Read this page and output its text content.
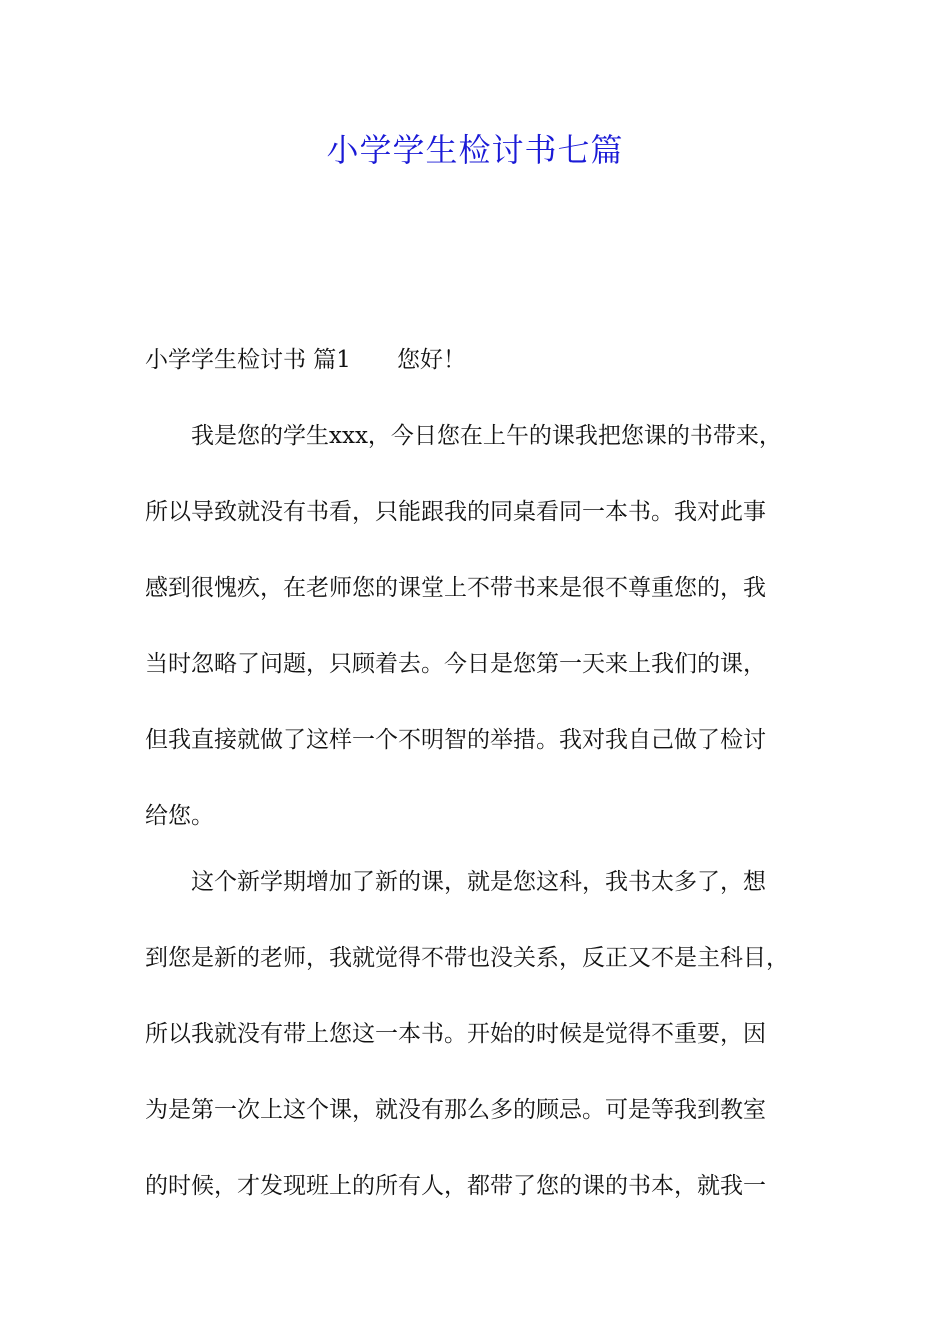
小学学生检讨书七篇
小学学生检讨书 篇1 您好！
　　我是您的学生xxx，今日您在上午的课我把您课的书带来，
所以导致就没有书看，只能跟我的同桌看同一本书。我对此事
感到很愧疚，在老师您的课堂上不带书来是很不尊重您的，我
当时忽略了问题，只顾着去。今日是您第一天来上我们的课，
但我直接就做了这样一个不明智的举措。我对我自己做了检讨
给您。
　　这个新学期增加了新的课，就是您这科，我书太多了，想
到您是新的老师，我就觉得不带也没关系，反正又不是主科目，
所以我就没有带上您这一本书。开始的时候是觉得不重要，因
为是第一次上这个课，就没有那么多的顾忌。可是等我到教室
的时候，才发现班上的所有人，都带了您的课的书本，就我一
